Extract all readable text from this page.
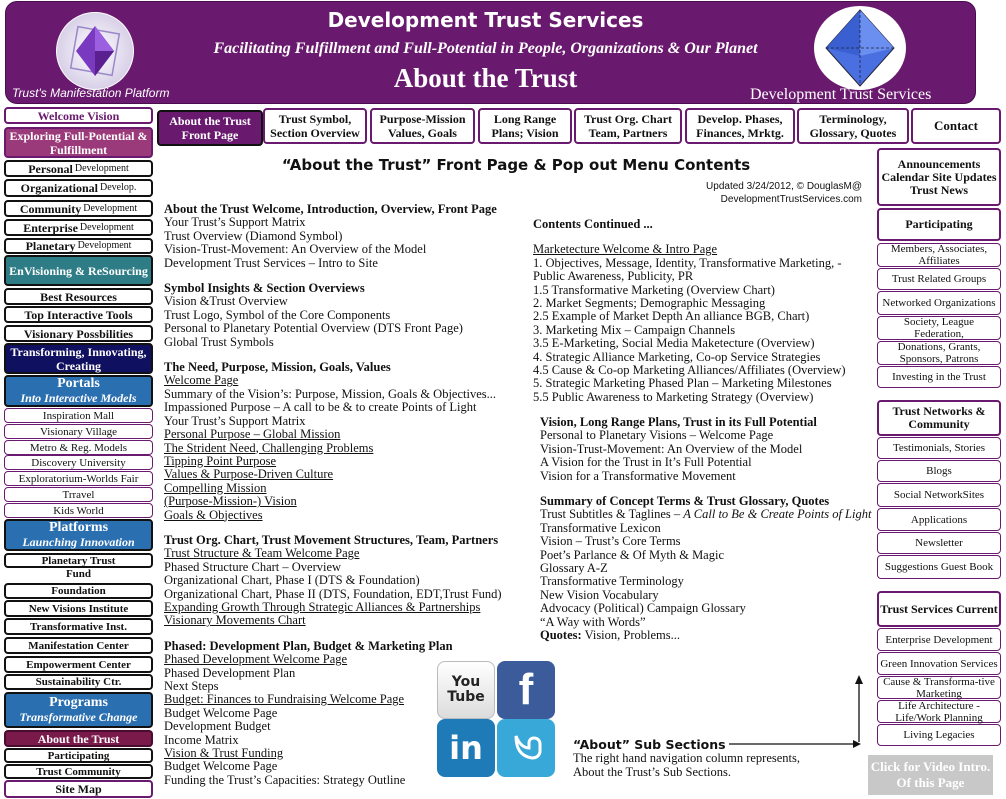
Development Trust Services
Facilitating Fulfillment and Full-Potential in People, Organizations & Our Planet
About the Trust
Trust's Manifestation Platform	Development Trust Services
Welcome Vision
Exploring Full-Potential & Fulfillment
Personal Development
Organizational Develop.
Community Development
Enterprise Development
Planetary Development
EnVisioning & ReSourcing
Best Resources
Top Interactive Tools
Visionary Possbilities
Transforming, Innovating, Creating
Portals
Into Interactive Models
Inspiration Mall
Visionary Village
Metro & Reg. Models
Discovery University
Exploratorium-Worlds Fair
Trravel
Kids World
Platforms
Launching Innovation
Planetary Trust
Fund
Foundation
New Visions Institute
Transformative Inst.
Manifestation Center
Empowerment Center
Sustainability Ctr.
Programs
Transformative Change
About the Trust
Participating
Trust Community
Site Map
About the Trust Front Page
Trust Symbol, Section Overview
Purpose-Mission Values, Goals
Long Range Plans; Vision
Trust Org. Chart Team, Partners
Develop. Phases, Finances, Mrktg.
Terminology, Glossary, Quotes	Contact
Announcements Calendar Site Updates Trust News
Participating
Members, Associates, Affiliates
Trust Related Groups
Networked Organizations
Society, League Federation,
Donations, Grants, Sponsors, Patrons
Investing in the Trust
Trust Networks & Community
Testimonials, Stories
Blogs
Social NetworkSites
Applications
Newsletter
Suggestions Guest Book
Trust Services Current
Enterprise Development
Green Innovation Services
Cause & Transforma-tive Marketing
Life Architecture - Life/Work Planning
Living Legacies
“About the Trust” Front Page & Pop out Menu Contents
Updated 3/24/2012, © DouglasM@
DevelopmentTrustServices.com
About the Trust Welcome, Introduction, Overview, Front Page
Your Trust’s Support Matrix
Trust Overview (Diamond Symbol)
Vision-Trust-Movement: An Overview of the Model
Development Trust Services – Intro to Site
Symbol Insights & Section Overviews
Vision &Trust Overview
Trust Logo, Symbol of the Core Components
Personal to Planetary Potential Overview (DTS Front Page)
Global Trust Symbols
The Need, Purpose, Mission, Goals, Values
Welcome Page
Summary of the Vision’s: Purpose, Mission, Goals & Objectives...
Impassioned Purpose – A call to be & to create Points of Light
Your Trust’s Support Matrix
Personal Purpose – Global Mission
The Strident Need, Challenging Problems
Tipping Point Purpose
Values & Purpose-Driven Culture
Compelling Mission
(Purpose-Mission-) Vision
Goals & Objectives
Trust Org. Chart, Trust Movement Structures, Team, Partners
Trust Structure & Team Welcome Page
Phased Structure Chart – Overview
Organizational Chart, Phase I (DTS & Foundation)
Organizational Chart, Phase II (DTS, Foundation, EDT,Trust Fund)
Expanding Growth Through Strategic Alliances & Partnerships
Visionary Movements Chart
Phased: Development Plan, Budget & Marketing Plan
Phased Development Welcome Page
Phased Development Plan
Next Steps
Budget: Finances to Fundraising Welcome Page
Budget Welcome Page
Development Budget
Income Matrix
Vision & Trust Funding
Budget Welcome Page
Funding the Trust’s Capacities: Strategy Outline
Contents Continued ...
Marketecture Welcome & Intro Page
1. Objectives, Message, Identity, Transformative Marketing, -
Public Awareness, Publicity, PR
1.5 Transformative Marketing (Overview Chart)
2. Market Segments; Demographic Messaging
2.5 Example of Market Depth An alliance BGB, Chart)
3. Marketing Mix – Campaign Channels
3.5 E-Marketing, Social Media Maketecture (Overview)
4. Strategic Alliance Marketing, Co-op Service Strategies
4.5 Cause & Co-op Marketing Alliances/Affiliates (Overview)
5. Strategic Marketing Phased Plan – Marketing Milestones
5.5 Public Awareness to Marketing Strategy (Overview)
Vision, Long Range Plans, Trust in its Full Potential
Personal to Planetary Visions – Welcome Page
Vision-Trust-Movement: An Overview of the Model
A Vision for the Trust in It’s Full Potential
Vision for a Transformative Movement
Summary of Concept Terms & Trust Glossary, Quotes
Trust Subtitles & Taglines – A Call to Be & Create Points of Light
Transformative Lexicon
Vision – Trust’s Core Terms
Poet’s Parlance & Of Myth & Magic
Glossary A-Z
Transformative Terminology
New Vision Vocabulary
Advocacy (Political) Campaign Glossary
“A Way with Words”
Quotes: Vision, Problems...
You Tube f
in	“About” Sub Sections
The right hand navigation column represents,
About the Trust’s Sub Sections.	Click for Video Intro. Of this Page
